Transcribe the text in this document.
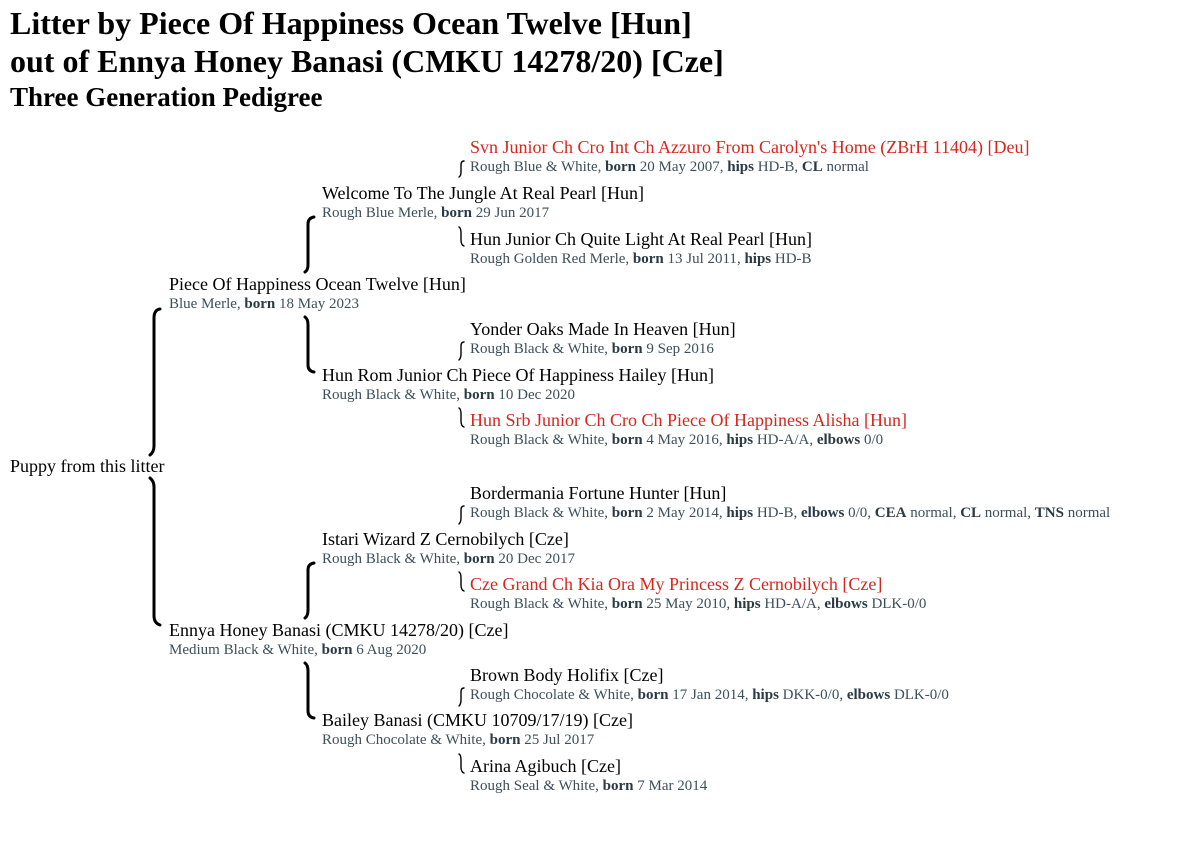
Litter by Piece Of Happiness Ocean Twelve [Hun]
out of Ennya Honey Banasi (CMKU 14278/20) [Cze]
Three Generation Pedigree
Puppy from this litter
Piece Of Happiness Ocean Twelve [Hun]
Blue Merle, born 18 May 2023
Ennya Honey Banasi (CMKU 14278/20) [Cze]
Medium Black & White, born 6 Aug 2020
Welcome To The Jungle At Real Pearl [Hun]
Rough Blue Merle, born 29 Jun 2017
Hun Rom Junior Ch Piece Of Happiness Hailey [Hun]
Rough Black & White, born 10 Dec 2020
Istari Wizard Z Cernobilych [Cze]
Rough Black & White, born 20 Dec 2017
Bailey Banasi (CMKU 10709/17/19) [Cze]
Rough Chocolate & White, born 25 Jul 2017
Svn Junior Ch Cro Int Ch Azzuro From Carolyn's Home (ZBrH 11404) [Deu]
Rough Blue & White, born 20 May 2007, hips HD-B, CL normal
Hun Junior Ch Quite Light At Real Pearl [Hun]
Rough Golden Red Merle, born 13 Jul 2011, hips HD-B
Yonder Oaks Made In Heaven [Hun]
Rough Black & White, born 9 Sep 2016
Hun Srb Junior Ch Cro Ch Piece Of Happiness Alisha [Hun]
Rough Black & White, born 4 May 2016, hips HD-A/A, elbows 0/0
Bordermania Fortune Hunter [Hun]
Rough Black & White, born 2 May 2014, hips HD-B, elbows 0/0, CEA normal, CL normal, TNS normal
Cze Grand Ch Kia Ora My Princess Z Cernobilych [Cze]
Rough Black & White, born 25 May 2010, hips HD-A/A, elbows DLK-0/0
Brown Body Holifix [Cze]
Rough Chocolate & White, born 17 Jan 2014, hips DKK-0/0, elbows DLK-0/0
Arina Agibuch [Cze]
Rough Seal & White, born 7 Mar 2014
